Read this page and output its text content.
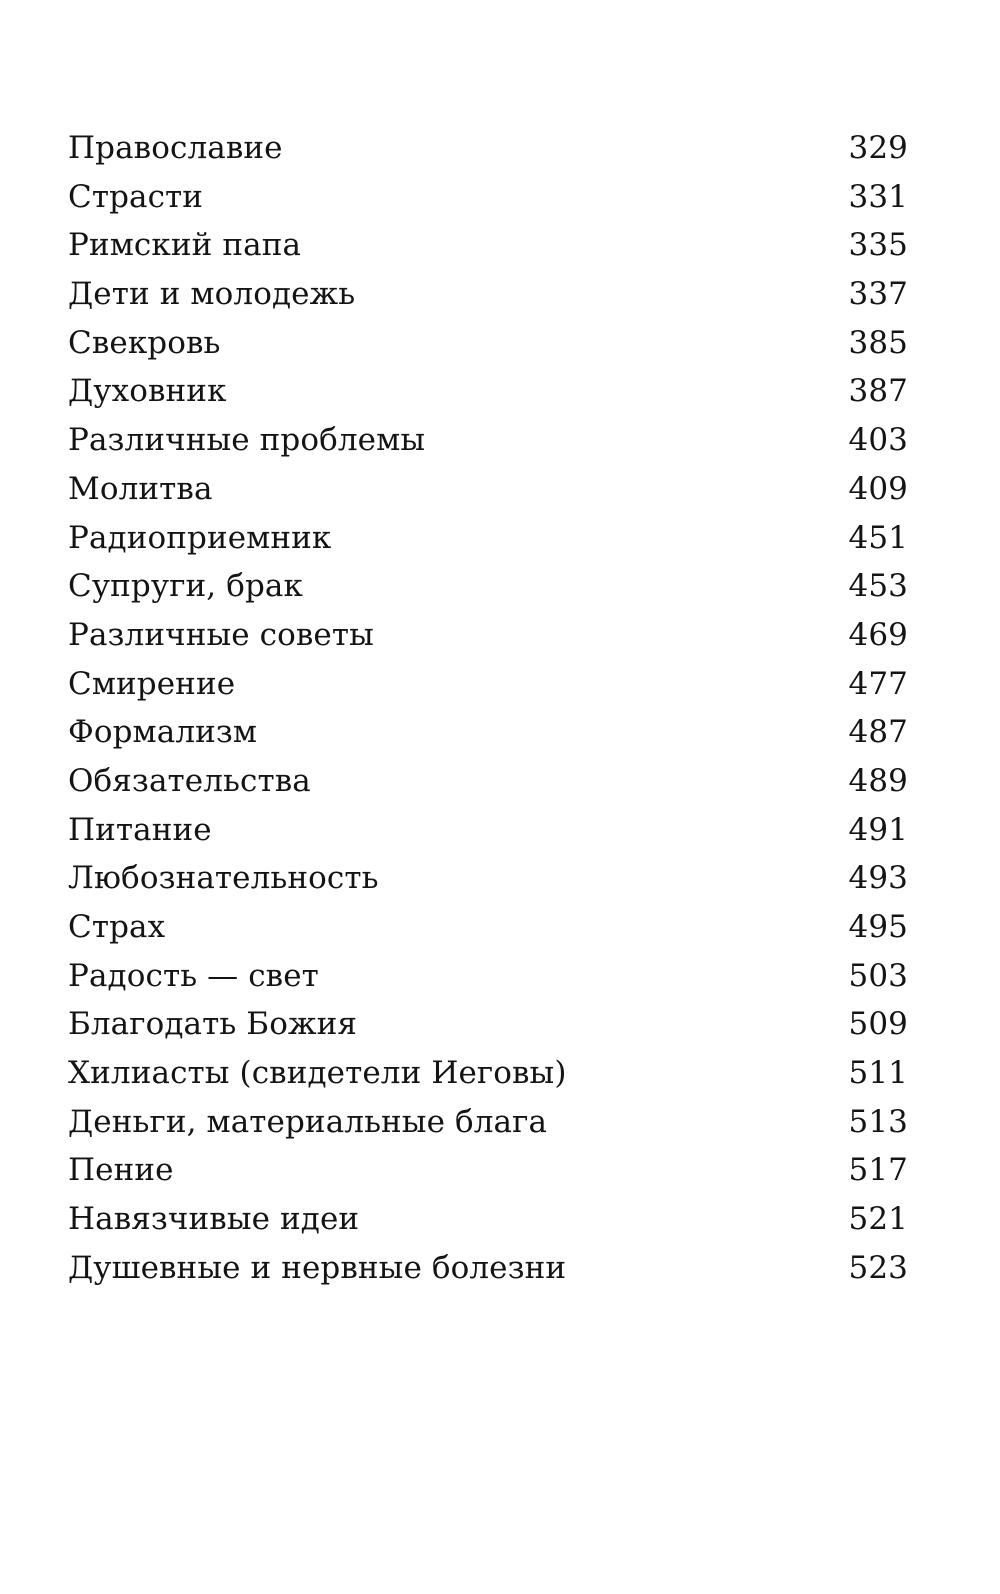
Православие	329
Страсти	331
Римский папа	335
Дети и молодежь	337
Свекровь	385
Духовник	387
Различные проблемы	403
Молитва	409
Радиоприемник	451
Супруги, брак	453
Различные советы	469
Смирение	477
Формализм	487
Обязательства	489
Питание	491
Любознательность	493
Страх	495
Радость — свет	503
Благодать Божия	509
Хилиасты (свидетели Иеговы)	511
Деньги, материальные блага	513
Пение	517
Навязчивые идеи	521
Душевные и нервные болезни	523
